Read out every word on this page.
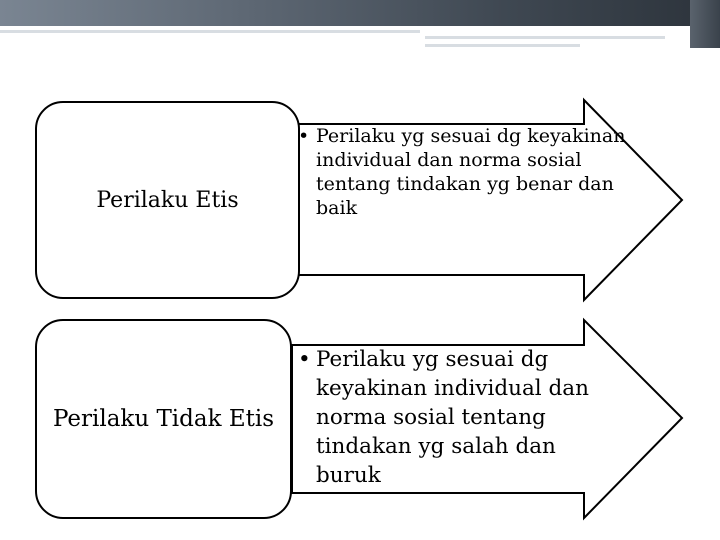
Perilaku Etis
Perilaku Tidak Etis
• Perilaku yg sesuai dg keyakinan individual dan norma sosial tentang tindakan yg benar dan baik
• Perilaku yg sesuai dg keyakinan individual dan norma sosial tentang tindakan yg salah dan buruk
